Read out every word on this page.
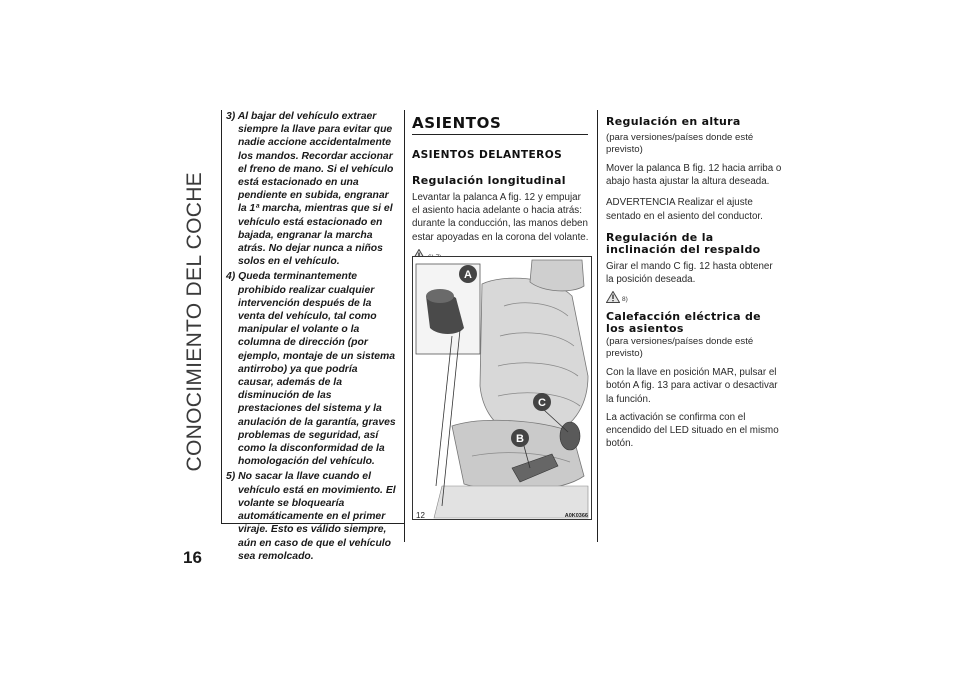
CONOCIMIENTO DEL COCHE
16
3) Al bajar del vehículo extraer siempre la llave para evitar que nadie accione accidentalmente los mandos. Recordar accionar el freno de mano. Si el vehículo está estacionado en una pendiente en subida, engranar la 1ª marcha, mientras que si el vehículo está estacionado en bajada, engranar la marcha atrás. No dejar nunca a niños solos en el vehículo.
4) Queda terminantemente prohibido realizar cualquier intervención después de la venta del vehículo, tal como manipular el volante o la columna de dirección (por ejemplo, montaje de un sistema antirrobo) ya que podría causar, además de la disminución de las prestaciones del sistema y la anulación de la garantía, graves problemas de seguridad, así como la disconformidad de la homologación del vehículo.
5) No sacar la llave cuando el vehículo está en movimiento. El volante se bloquearía automáticamente en el primer viraje. Esto es válido siempre, aún en caso de que el vehículo sea remolcado.
ASIENTOS
ASIENTOS DELANTEROS
Regulación longitudinal

Levantar la palanca A fig. 12 y empujar el asiento hacia adelante o hacia atrás: durante la conducción, las manos deben estar apoyadas en la corona del volante.

A
B
C
12	A0K0366
Regulación en altura
(para versiones/países donde esté previsto)

Mover la palanca B fig. 12 hacia arriba o abajo hasta ajustar la altura deseada.

ADVERTENCIA Realizar el ajuste sentado en el asiento del conductor.

Regulación de la inclinación del respaldo

Girar el mando C fig. 12 hasta obtener la posición deseada.

8)
Calefacción eléctrica de los asientos
(para versiones/países donde esté previsto)

Con la llave en posición MAR, pulsar el botón A fig. 13 para activar o desactivar la función.

La activación se confirma con el encendido del LED situado en el mismo botón.
